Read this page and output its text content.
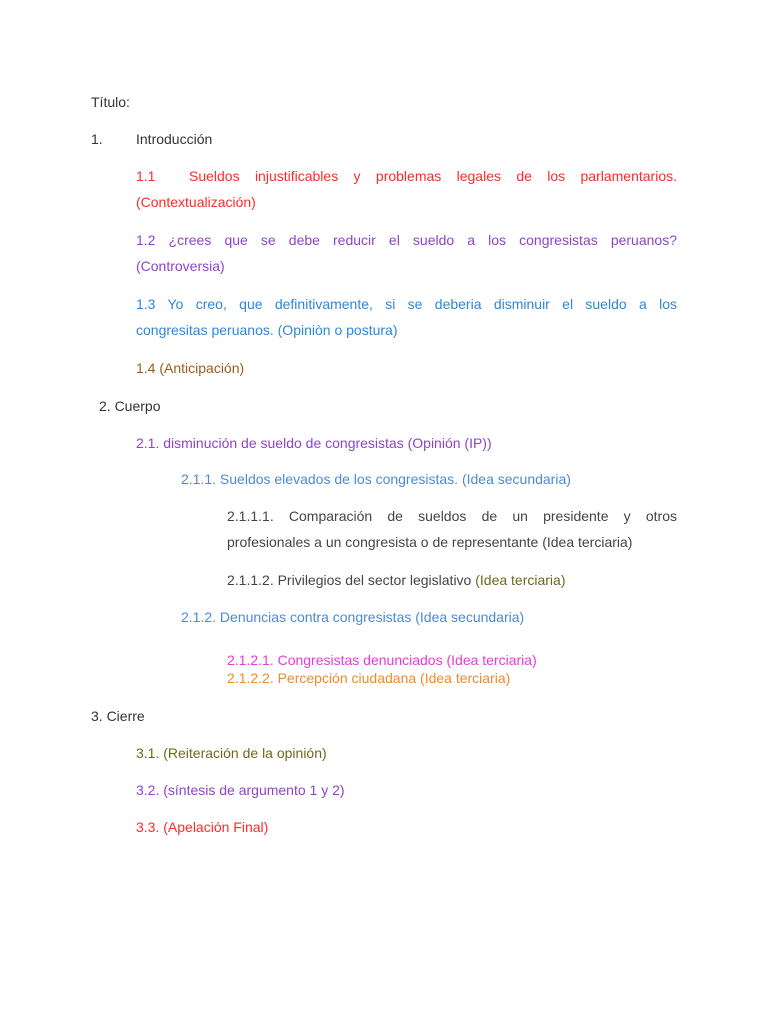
Título:
1. Introducción
1.1 Sueldos injustificables y problemas legales de los parlamentarios.
(Contextualización)
1.2 ¿crees que se debe reducir el sueldo a los congresistas peruanos?
(Controversia)
1.3 Yo creo, que definitivamente, si se deberia disminuir el sueldo a los
congresitas peruanos. (Opiniòn o postura)
1.4 (Anticipación)
2. Cuerpo
2.1. disminución de sueldo de congresistas (Opinión (IP))
2.1.1. Sueldos elevados de los congresistas. (Idea secundaria)
2.1.1.1. Comparación de sueldos de un presidente y otros
profesionales a un congresista o de representante (Idea terciaria)
2.1.1.2. Privilegios del sector legislativo (Idea terciaria)
2.1.2. Denuncias contra congresistas (Idea secundaria)
2.1.2.1. Congresistas denunciados (Idea terciaria)
2.1.2.2. Percepción ciudadana (Idea terciaria)
3. Cierre
3.1. (Reiteración de la opinión)
3.2. (síntesis de argumento 1 y 2)
3.3. (Apelación Final)
